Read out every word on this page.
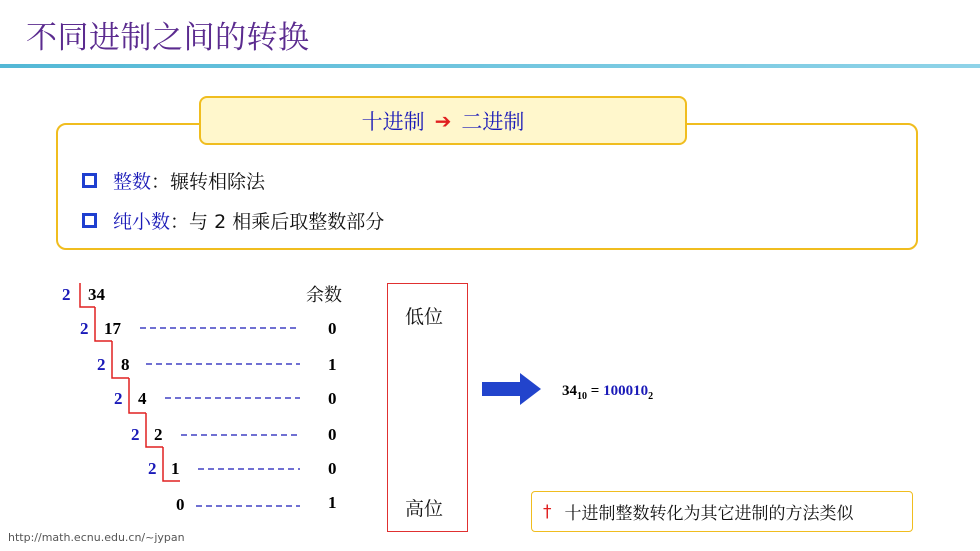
不同进制之间的转换
十进制 ➔ 二进制
整数 ： 辗转相除法
纯小数 ： 与 2 相乘后取整数部分
2 34
2 17	0
2 8	1
2 4	0
2 2	0
2 1	0
0	1
余数
低位
高位
$34_{10} = 100010_2$
† 十进制整数转化为其它进制的方法类似
http://math.ecnu.edu.cn/~jypan
